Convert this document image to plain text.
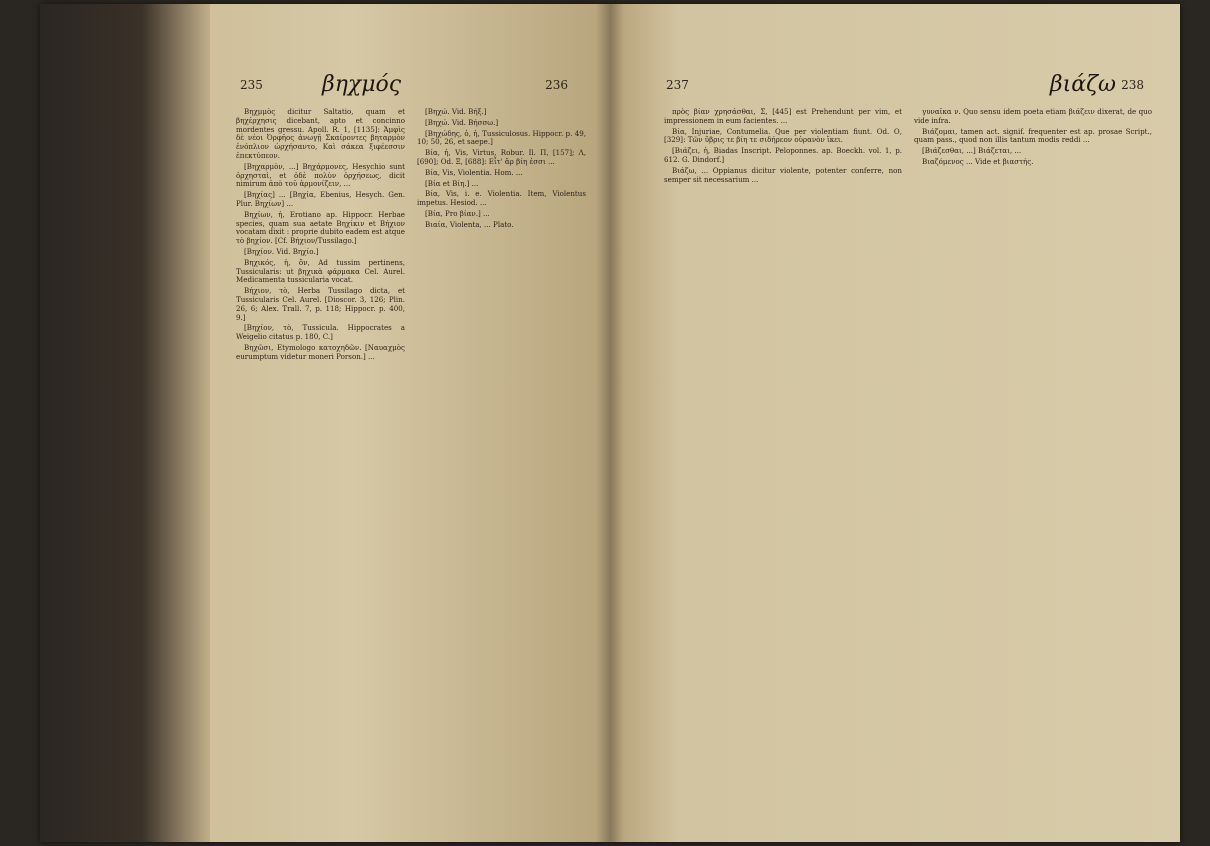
235	βηχμός	236

Βηχμμὸς dicitur Saltatio, quam et βηχέρχησις dicebant, apto et concinno mordentes gressu. Apoll. R. 1, [1135]: Ἀμφὶς δὲ νέοι Ὀρφῆος ἀνωγῇ Σκαίροντες βηταρμὸν ἐνόπλιον ὠρχήσαντο, Καὶ σάκεα ξιφέεσσιν ἐπεκτύπεον.

[Βηχαρμὸν, ...] Βηχάρμονες, Hesychio sunt ὀρχησταὶ, et ὁδὲ πολὺν ὀρχήσεως, dicit nimirum ἀπὸ τοῦ ἁρμονίζειν, ...

[Βηχίας] ... [Βηχία, Ebenius, Hesych. Gen. Plur. Βηχίων] ...

Βηχίων, ἡ, Erotiano ap. Hippocr. Herbae species, quam sua aetate Βηχίκιν et Βήχιον vocatam dixit : proprie dubito eadem est atque τὸ βηχίον. [Cf. Βήχιον/Tussilago.]

[Βηχίον. Vid. Βηχίο.]

Βηχικός, ἡ, ὄν, Ad tussim pertinens, Tussicularis: ut βηχικὰ φάρμακα Cel. Aurel. Medicamenta tussicularia vocat.

Βήχιον, τὸ, Herba Tussilago dicta, et Tussicularis Cel. Aurel. [Dioscor. 3, 126; Plin. 26, 6; Alex. Trall. 7, p. 118; Hippocr. p. 400, 9.]

[Βηχίον, τὸ, Tussicula. Hippocrates a Weigelio citatus p. 180, C.]

Βηχῶσι, Etymologo κατοχηδῶν. [Ναυαχμὸς eurumptum videtur moneri Porson.] ...

[Βηχώ. Vid. Βήξ.]

[Βηχώ. Vid. Βήσσω.]

[Βηχώδης, ὁ, ἡ, Tussiculosus. Hippocr. p. 49, 10; 50, 26, et saepe.]

Βία, ἡ, Vis, Virtus, Robur. Il. Π, [157]; Λ, [690]; Od. Ξ, [688]: Εἶτ' ἄρ βίη ἐσσι ...

Βία, Vis, Violentia. Hom. ...

[Βία et Βίη.] ...

Βία, Vis, i. e. Violentia. Item, Violentus impetus. Hesiod. ...

[Βία, Pro βίαν.] ...

Βιαία, Violenta, ... Plato.

237	βιάζω 238

πρὸς βίαν χρησάσθαι, Σ, [445] est Prehendunt per vim, et impressionem in eum facientes. ...

Βία, Injuriae, Contumelia. Que per violentiam fiunt. Od. Ο, [329]: Τῶν ὕβρις τε βίη τε σιδήρεον οὐρανὸν ἵκει.

[Βιάζει, ἡ, Biadas Inscript. Peloponnes. ap. Boeckh. vol. 1, p. 612. G. Dindorf.]

Βιάζω, ... Oppianus dicitur violente, potenter conferre, non semper sit necessarium ...

γυναῖκα ν. Quo sensu idem poeta etiam βιάζειν dixerat, de quo vide infra.

Βιάζομαι, tamen act. signif. frequenter est ap. prosae Script., quam pass., quod non illis tantum modis reddi ...

[Βιάζεσθαι, ...] Βιάζεται, ...

Βιαζόμενος ... Vide et βιαστής.
